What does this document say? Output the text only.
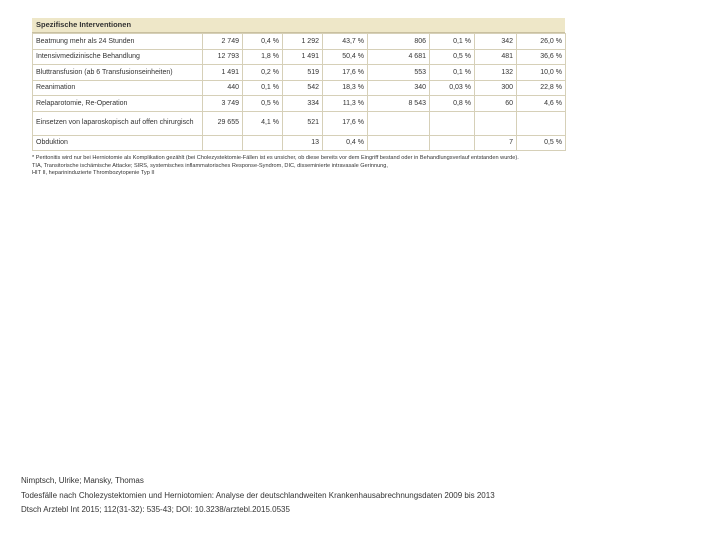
Spezifische Interventionen
Beatmung mehr als 24 Stunden	2 749	0,4 %	1 292	43,7 %	806	0,1 %	342	26,0 %
Intensivmedizinische Behandlung	12 793	1,8 %	1 491	50,4 %	4 681	0,5 %	481	36,6 %
Bluttransfusion (ab 6 Transfusionseinheiten)	1 491	0,2 %	519	17,6 %	553	0,1 %	132	10,0 %
Reanimation	440	0,1 %	542	18,3 %	340	0,03 %	300	22,8 %
Relaparotomie, Re-Operation	3 749	0,5 %	334	11,3 %	8 543	0,8 %	60	4,6 %
Einsetzen von laparoskopisch auf offen chirurgisch	29 655	4,1 %	521	17,6 %				
Obduktion			13	0,4 %			7	0,5 %
* Peritonitis wird nur bei Herniotomie als Komplikation gezählt (bei Cholezystektomie-Fällen ist es unsicher, ob diese bereits vor dem Eingriff bestand oder in Behandlungsverlauf entstanden wurde).
TIA, Transitorische ischämische Attacke; SIRS, systemisches inflammatorisches Response-Syndrom, DIC, disseminierte intravasale Gerinnung,
HIT II, heparininduzierte Thrombozytopenie Typ II
Nimptsch, Ulrike; Mansky, Thomas
Todesfälle nach Cholezystektomien und Herniotomien: Analyse der deutschlandweiten Krankenhausabrechnungsdaten 2009 bis 2013
Dtsch Arztebl Int 2015; 112(31-32): 535-43; DOI: 10.3238/arztebl.2015.0535
